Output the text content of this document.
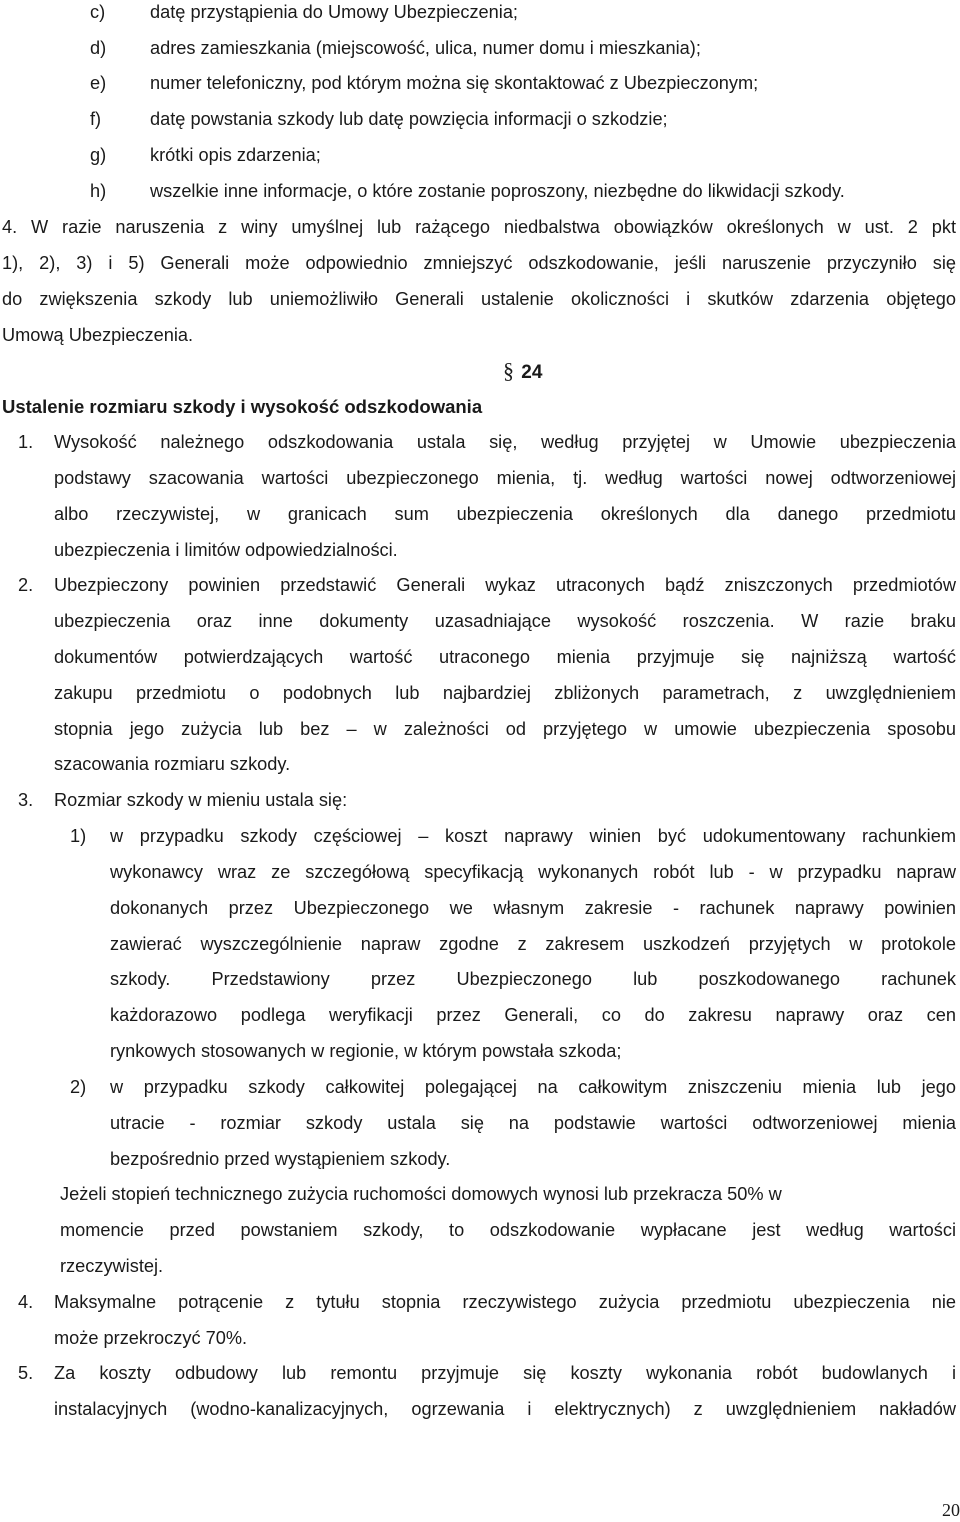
c) datę przystąpienia do Umowy Ubezpieczenia;
d) adres zamieszkania (miejscowość, ulica, numer domu i mieszkania);
e) numer telefoniczny, pod którym można się skontaktować z Ubezpieczonym;
f)	datę powstania szkody lub datę powzięcia informacji o szkodzie;
g) krótki opis zdarzenia;
h) wszelkie inne informacje, o które zostanie poproszony, niezbędne do likwidacji szkody.
4. W razie naruszenia z winy umyślnej lub rażącego niedbalstwa obowiązków określonych w ust. 2 pkt
1), 2), 3) i 5) Generali może odpowiednio zmniejszyć odszkodowanie, jeśli naruszenie przyczyniło się
do zwiększenia szkody lub uniemożliwiło Generali ustalenie okoliczności i skutków zdarzenia objętego
Umową Ubezpieczenia.
§ 24
Ustalenie rozmiaru szkody i wysokość odszkodowania
1. Wysokość należnego odszkodowania ustala się, według przyjętej w Umowie ubezpieczenia
podstawy szacowania wartości ubezpieczonego mienia, tj. według wartości nowej odtworzeniowej
albo rzeczywistej, w granicach sum ubezpieczenia określonych dla danego przedmiotu
ubezpieczenia i limitów odpowiedzialności.
2. Ubezpieczony powinien przedstawić Generali wykaz utraconych bądź zniszczonych przedmiotów
ubezpieczenia oraz inne dokumenty uzasadniające wysokość roszczenia. W razie braku
dokumentów potwierdzających wartość utraconego mienia przyjmuje się najniższą wartość
zakupu przedmiotu o podobnych lub najbardziej zbliżonych parametrach, z uwzględnieniem
stopnia jego zużycia lub bez – w zależności od przyjętego w umowie ubezpieczenia sposobu
szacowania rozmiaru szkody.
3. Rozmiar szkody w mieniu ustala się:
1) w przypadku szkody częściowej – koszt naprawy winien być udokumentowany rachunkiem
wykonawcy wraz ze szczegółową specyfikacją wykonanych robót lub - w przypadku napraw
dokonanych przez Ubezpieczonego we własnym zakresie - rachunek naprawy powinien
zawierać wyszczególnienie napraw zgodne z zakresem uszkodzeń przyjętych w protokole
szkody. Przedstawiony przez Ubezpieczonego lub poszkodowanego rachunek
każdorazowo podlega weryfikacji przez Generali, co do zakresu naprawy oraz cen
rynkowych stosowanych w regionie, w którym powstała szkoda;
2) w przypadku szkody całkowitej polegającej na całkowitym zniszczeniu mienia lub jego
utracie - rozmiar szkody ustala się na podstawie wartości odtworzeniowej mienia
bezpośrednio przed wystąpieniem szkody.
Jeżeli stopień technicznego zużycia ruchomości domowych wynosi lub przekracza 50% w
momencie przed powstaniem szkody, to odszkodowanie wypłacane jest według wartości
rzeczywistej.
4. Maksymalne potrącenie z tytułu stopnia rzeczywistego zużycia przedmiotu ubezpieczenia nie
może przekroczyć 70%.
5. Za koszty odbudowy lub remontu przyjmuje się koszty wykonania robót budowlanych i
instalacyjnych (wodno-kanalizacyjnych, ogrzewania i elektrycznych) z uwzględnieniem nakładów
20
